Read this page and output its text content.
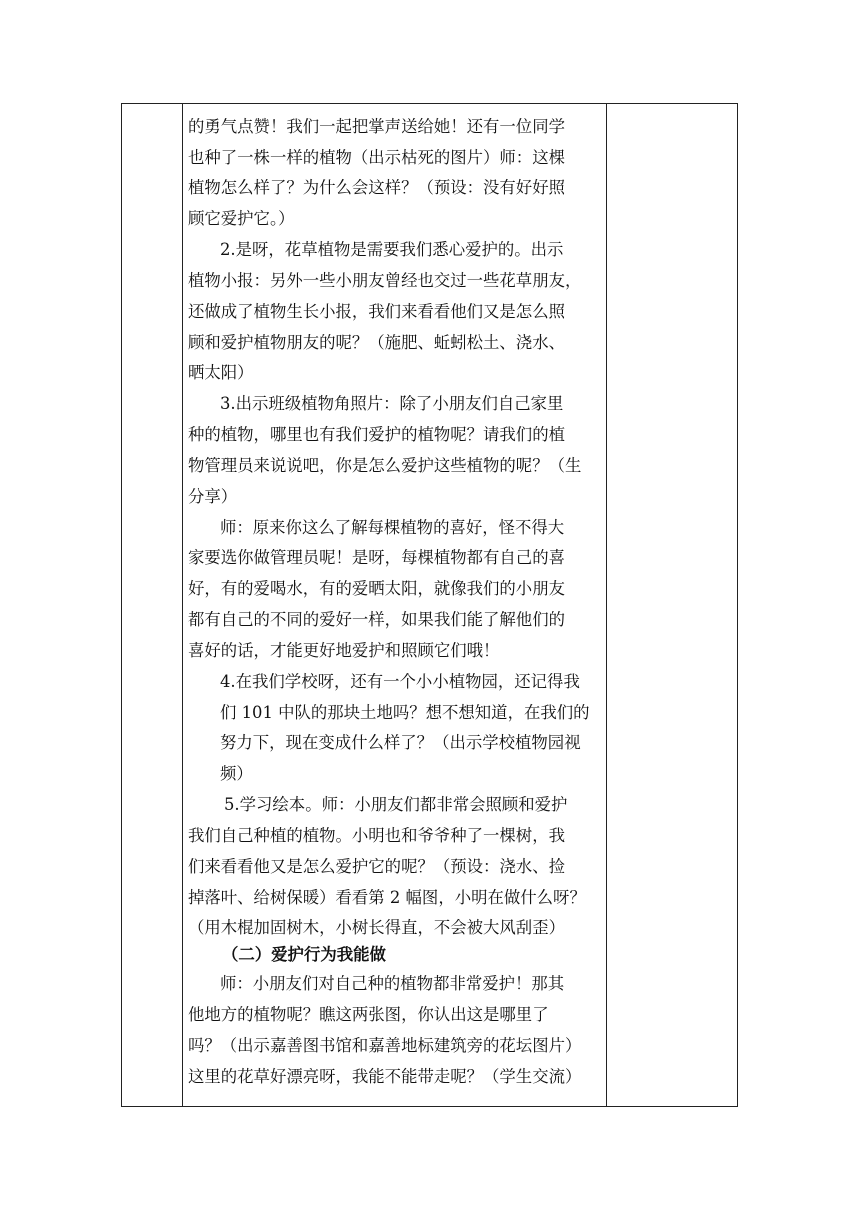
的勇气点赞！我们一起把掌声送给她！还有一位同学
也种了一株一样的植物（出示枯死的图片）师：这棵
植物怎么样了？为什么会这样？（预设：没有好好照
顾它爱护它。）
2.是呀，花草植物是需要我们悉心爱护的。出示
植物小报：另外一些小朋友曾经也交过一些花草朋友，
还做成了植物生长小报，我们来看看他们又是怎么照
顾和爱护植物朋友的呢？（施肥、蚯蚓松土、浇水、
晒太阳）
3.出示班级植物角照片：除了小朋友们自己家里
种的植物，哪里也有我们爱护的植物呢？请我们的植
物管理员来说说吧，你是怎么爱护这些植物的呢？（生
分享）
师：原来你这么了解每棵植物的喜好，怪不得大
家要选你做管理员呢！是呀，每棵植物都有自己的喜
好，有的爱喝水，有的爱晒太阳，就像我们的小朋友
都有自己的不同的爱好一样，如果我们能了解他们的
喜好的话，才能更好地爱护和照顾它们哦！
4.在我们学校呀，还有一个小小植物园，还记得我
们 101 中队的那块土地吗？想不想知道，在我们的
努力下，现在变成什么样了？（出示学校植物园视
频）
5.学习绘本。师：小朋友们都非常会照顾和爱护
我们自己种植的植物。小明也和爷爷种了一棵树，我
们来看看他又是怎么爱护它的呢？（预设：浇水、捡
掉落叶、给树保暖）看看第 2 幅图，小明在做什么呀？
（用木棍加固树木，小树长得直，不会被大风刮歪）
（二）爱护行为我能做
师：小朋友们对自己种的植物都非常爱护！那其
他地方的植物呢？瞧这两张图，你认出这是哪里了
吗？（出示嘉善图书馆和嘉善地标建筑旁的花坛图片）
这里的花草好漂亮呀，我能不能带走呢？（学生交流）
